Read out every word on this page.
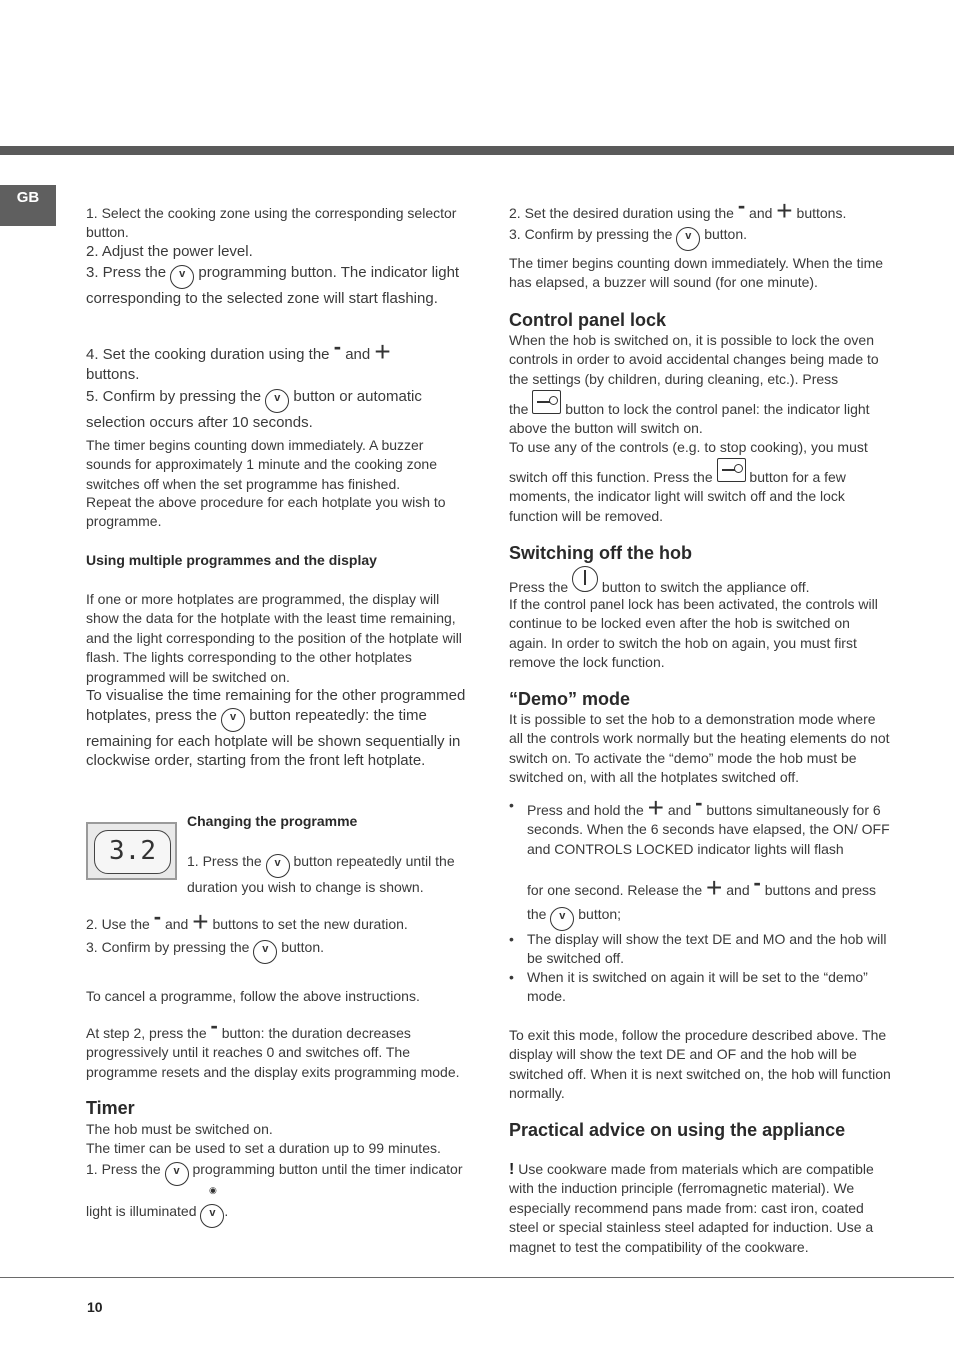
GB

1. Select the cooking zone using the corresponding selector button.

2. Adjust the power level.

3. Press the v programming button. The indicator light corresponding to the selected zone will start flashing.

4. Set the cooking duration using the - and +
buttons.

5. Confirm by pressing the v button or automatic selection occurs after 10 seconds.

The timer begins counting down immediately. A buzzer sounds for approximately 1 minute and the cooking zone switches off when the set programme has finished.

Repeat the above procedure for each hotplate you wish to programme.

Using multiple programmes and the display

If one or more hotplates are programmed, the display will show the data for the hotplate with the least time remaining, and the light corresponding to the position of the hotplate will flash. The lights corresponding to the other hotplates programmed will be switched on.

To visualise the time remaining for the other programmed hotplates, press the v button repeatedly: the time remaining for each hotplate will be shown sequentially in clockwise order, starting from the front left hotplate.

3.2
Changing the programme

1. Press the v button repeatedly until the duration you wish to change is shown.

2. Use the - and + buttons to set the new duration.

3. Confirm by pressing the v button.

To cancel a programme, follow the above instructions.

At step 2, press the - button: the duration decreases progressively until it reaches 0 and switches off. The programme resets and the display exits programming mode.

Timer

The hob must be switched on.

The timer can be used to set a duration up to 99 minutes.

1. Press the v programming button until the timer indicator

◉

light is illuminated v .

2. Set the desired duration using the - and + buttons.

3. Confirm by pressing the v button.

The timer begins counting down immediately. When the time has elapsed, a buzzer will sound (for one minute).

Control panel lock

When the hob is switched on, it is possible to lock the oven controls in order to avoid accidental changes being made to the settings (by children, during cleaning, etc.). Press

the	button to lock the control panel: the indicator light above the button will switch on.

To use any of the controls (e.g. to stop cooking), you must

switch off this function. Press the	button for a few moments, the indicator light will switch off and the lock function will be removed.

Switching off the hob

Press the button to switch the appliance off.

If the control panel lock has been activated, the controls will continue to be locked even after the hob is switched on again. In order to switch the hob on again, you must first remove the lock function.

“Demo” mode

It is possible to set the hob to a demonstration mode where all the controls work normally but the heating elements do not switch on. To activate the “demo” mode the hob must be switched on, with all the hotplates switched off.

• Press and hold the + and - buttons simultaneously for 6 seconds. When the 6 seconds have elapsed, the ON/ OFF and CONTROLS LOCKED indicator lights will flash
for one second. Release the + and - buttons and press
the v button;
• The display will show the text DE and MO and the hob will be switched off.
• When it is switched on again it will be set to the “demo” mode.

To exit this mode, follow the procedure described above. The display will show the text DE and OF and the hob will be switched off. When it is next switched on, the hob will function normally.

Practical advice on using the appliance

! Use cookware made from materials which are compatible with the induction principle (ferromagnetic material). We especially recommend pans made from: cast iron, coated steel or special stainless steel adapted for induction. Use a magnet to test the compatibility of the cookware.

10
